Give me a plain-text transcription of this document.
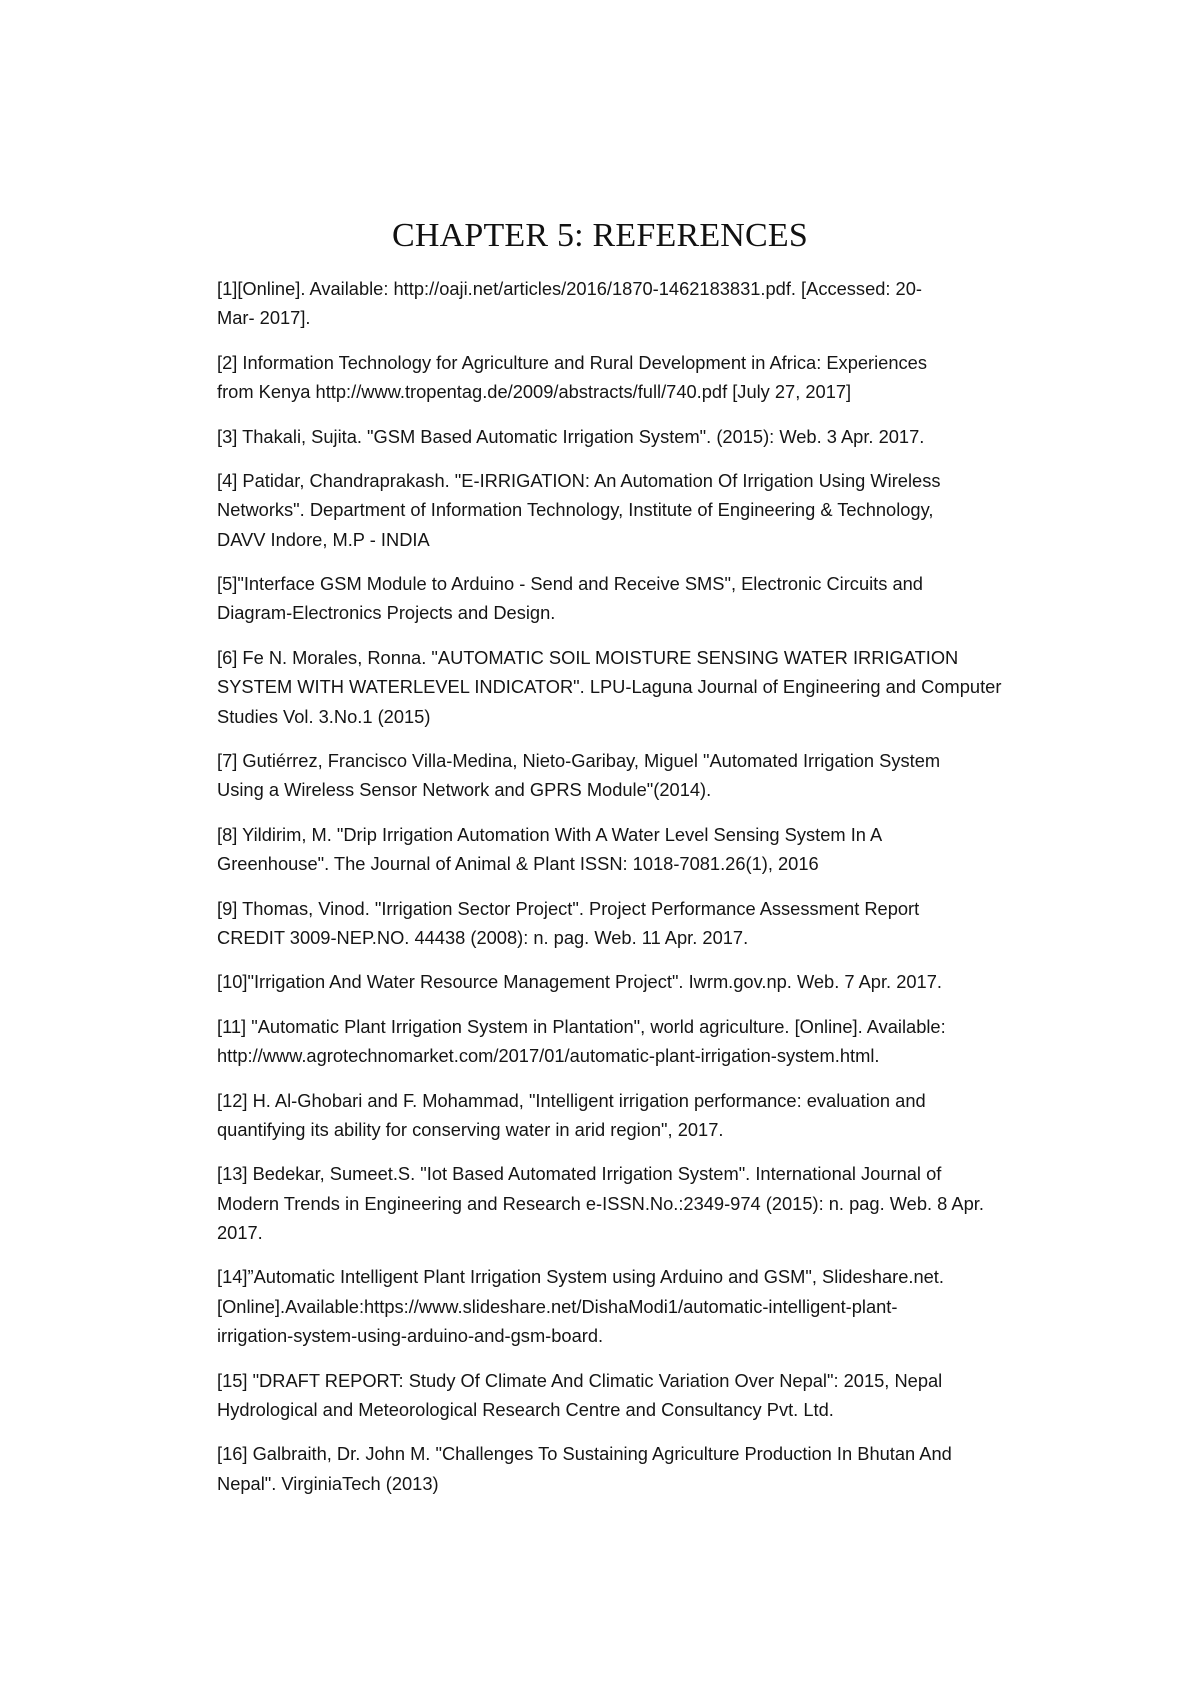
CHAPTER 5: REFERENCES
[1][Online]. Available: http://oaji.net/articles/2016/1870-1462183831.pdf. [Accessed: 20-
Mar- 2017].
[2] Information Technology for Agriculture and Rural Development in Africa: Experiences
from Kenya http://www.tropentag.de/2009/abstracts/full/740.pdf [July 27, 2017]
[3] Thakali, Sujita. "GSM Based Automatic Irrigation System". (2015): Web. 3 Apr. 2017.
[4] Patidar, Chandraprakash. "E-IRRIGATION: An Automation Of Irrigation Using Wireless
Networks". Department of Information Technology, Institute of Engineering & Technology,
DAVV Indore, M.P - INDIA
[5]"Interface GSM Module to Arduino - Send and Receive SMS", Electronic Circuits and
Diagram-Electronics Projects and Design.
[6] Fe N. Morales, Ronna. "AUTOMATIC SOIL MOISTURE SENSING WATER IRRIGATION
SYSTEM WITH WATERLEVEL INDICATOR". LPU-Laguna Journal of Engineering and Computer
Studies Vol. 3.No.1 (2015)
[7] Gutiérrez, Francisco Villa-Medina, Nieto-Garibay, Miguel "Automated Irrigation System
Using a Wireless Sensor Network and GPRS Module"(2014).
[8] Yildirim, M. "Drip Irrigation Automation With A Water Level Sensing System In A
Greenhouse". The Journal of Animal & Plant ISSN: 1018-7081.26(1), 2016
[9] Thomas, Vinod. "Irrigation Sector Project". Project Performance Assessment Report
CREDIT 3009-NEP.NO. 44438 (2008): n. pag. Web. 11 Apr. 2017.
[10]"Irrigation And Water Resource Management Project". Iwrm.gov.np. Web. 7 Apr. 2017.
[11] "Automatic Plant Irrigation System in Plantation", world agriculture. [Online]. Available:
http://www.agrotechnomarket.com/2017/01/automatic-plant-irrigation-system.html.
[12] H. Al-Ghobari and F. Mohammad, "Intelligent irrigation performance: evaluation and
quantifying its ability for conserving water in arid region", 2017.
[13] Bedekar, Sumeet.S. "Iot Based Automated Irrigation System". International Journal of
Modern Trends in Engineering and Research e-ISSN.No.:2349-974 (2015): n. pag. Web. 8 Apr.
2017.
[14]”Automatic Intelligent Plant Irrigation System using Arduino and GSM", Slideshare.net.
[Online].Available:https://www.slideshare.net/DishaModi1/automatic-intelligent-plant-
irrigation-system-using-arduino-and-gsm-board.
[15] "DRAFT REPORT: Study Of Climate And Climatic Variation Over Nepal": 2015, Nepal
Hydrological and Meteorological Research Centre and Consultancy Pvt. Ltd.
[16] Galbraith, Dr. John M. "Challenges To Sustaining Agriculture Production In Bhutan And
Nepal". VirginiaTech (2013)
